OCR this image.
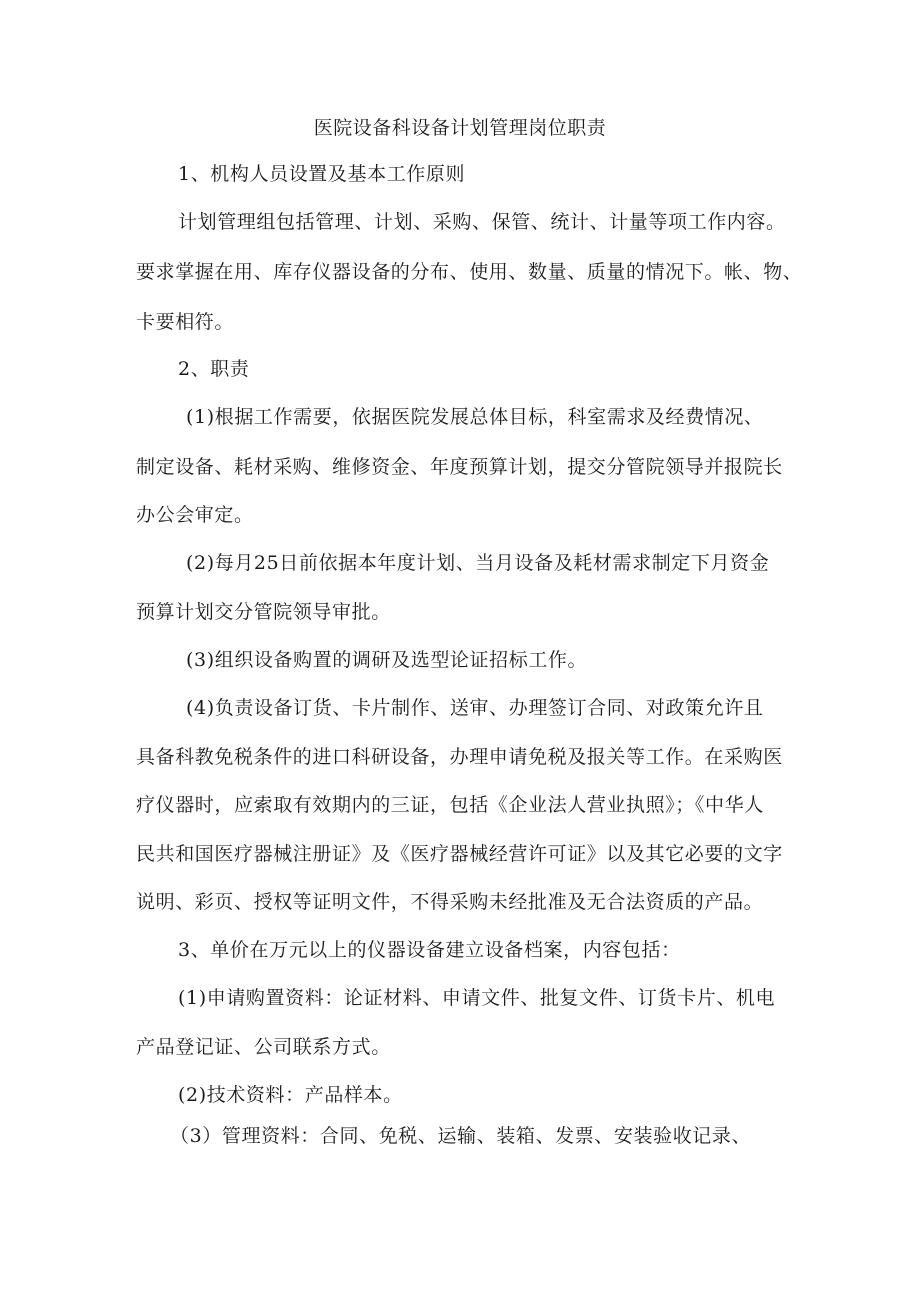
医院设备科设备计划管理岗位职责
1、机构人员设置及基本工作原则
计划管理组包括管理、计划、采购、保管、统计、计量等项工作内容。
要求掌握在用、库存仪器设备的分布、使用、数量、质量的情况下。帐、物、
卡要相符。
2、职责
(1)根据工作需要，依据医院发展总体目标，科室需求及经费情况、
制定设备、耗材采购、维修资金、年度预算计划，提交分管院领导并报院长
办公会审定。
(2)每月25日前依据本年度计划、当月设备及耗材需求制定下月资金
预算计划交分管院领导审批。
(3)组织设备购置的调研及选型论证招标工作。
(4)负责设备订货、卡片制作、送审、办理签订合同、对政策允许且
具备科教免税条件的进口科研设备，办理申请免税及报关等工作。在采购医
疗仪器时，应索取有效期内的三证，包括《企业法人营业执照》；《中华人
民共和国医疗器械注册证》及《医疗器械经营许可证》以及其它必要的文字
说明、彩页、授权等证明文件，不得采购未经批准及无合法资质的产品。
3、单价在万元以上的仪器设备建立设备档案，内容包括：
(1)申请购置资料：论证材料、申请文件、批复文件、订货卡片、机电
产品登记证、公司联系方式。
(2)技术资料：产品样本。
（3）管理资料：合同、免税、运输、装箱、发票、安装验收记录、
